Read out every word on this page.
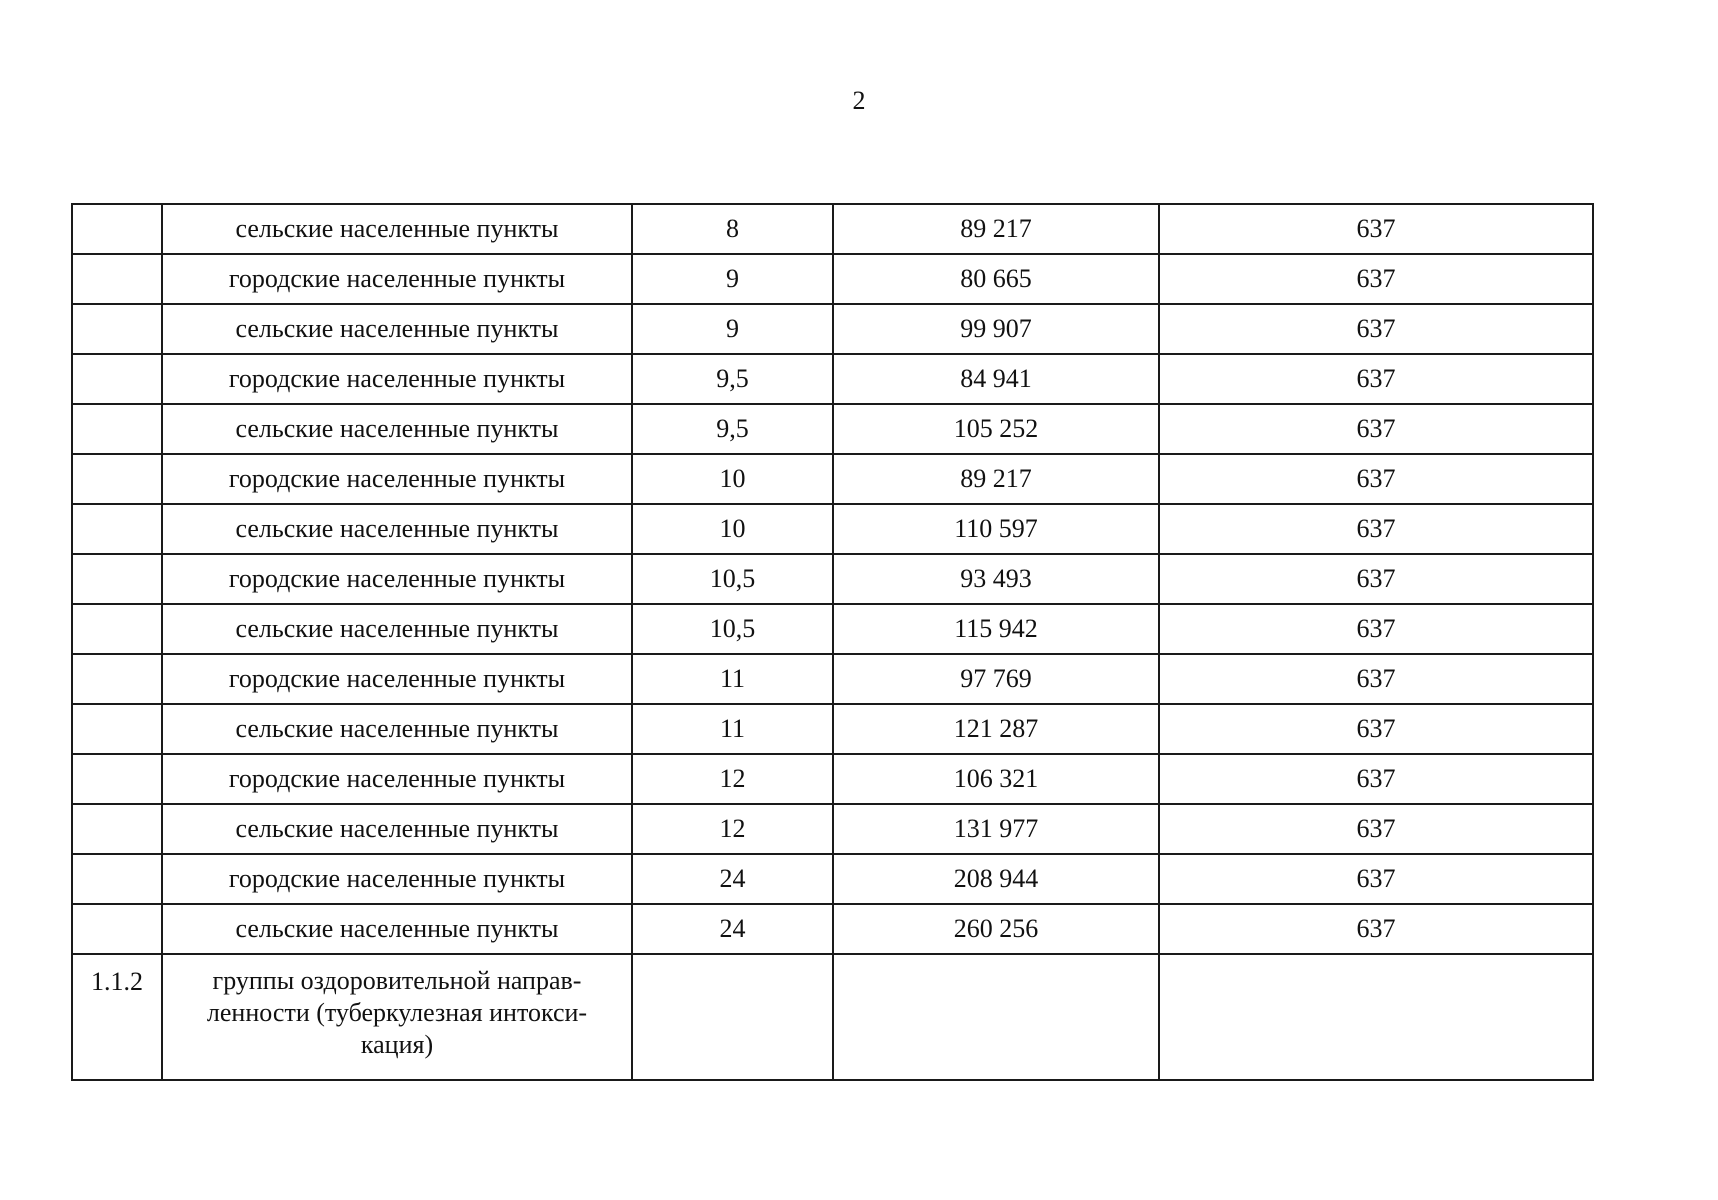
2
	сельские населенные пункты	8	89 217	637
	городские населенные пункты	9	80 665	637
	сельские населенные пункты	9	99 907	637
	городские населенные пункты	9,5	84 941	637
	сельские населенные пункты	9,5	105 252	637
	городские населенные пункты	10	89 217	637
	сельские населенные пункты	10	110 597	637
	городские населенные пункты	10,5	93 493	637
	сельские населенные пункты	10,5	115 942	637
	городские населенные пункты	11	97 769	637
	сельские населенные пункты	11	121 287	637
	городские населенные пункты	12	106 321	637
	сельские населенные пункты	12	131 977	637
	городские населенные пункты	24	208 944	637
	сельские населенные пункты	24	260 256	637
1.1.2	группы оздоровительной направ-ленности (туберкулезная интокси-кация)			
